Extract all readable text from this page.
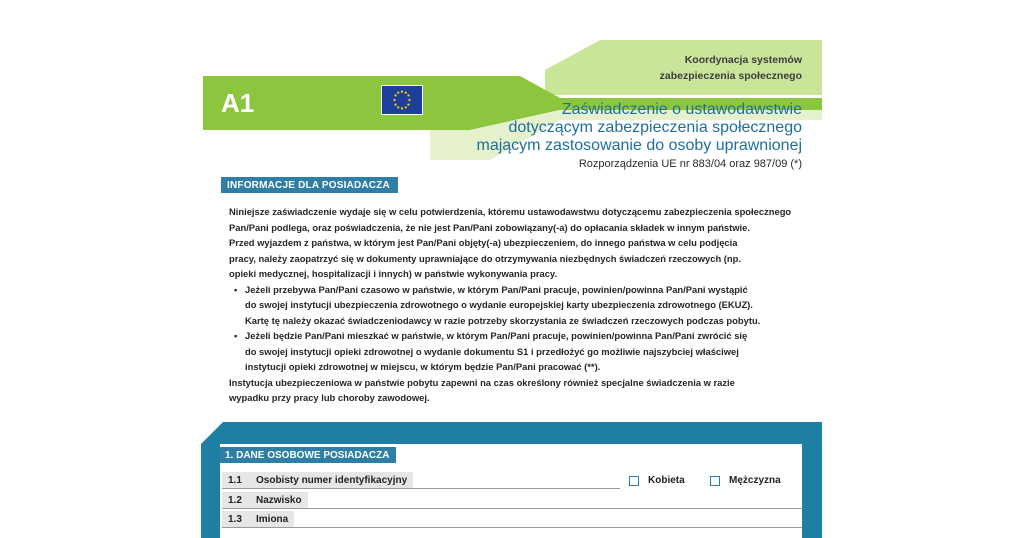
Koordynacja systemów
zabezpieczenia społecznego
A1	Zaświadczenie o ustawodawstwie
dotyczącym zabezpieczenia społecznego
mającym zastosowanie do osoby uprawnionej
Rozporządzenia UE nr 883/04 oraz 987/09 (*)
INFORMACJE DLA POSIADACZA

Niniejsze zaświadczenie wydaje się w celu potwierdzenia, któremu ustawodawstwu dotyczącemu zabezpieczenia społecznego

Pan/Pani podlega, oraz poświadczenia, że nie jest Pan/Pani zobowiązany(-a) do opłacania składek w innym państwie.

Przed wyjazdem z państwa, w którym jest Pan/Pani objęty(-a) ubezpieczeniem, do innego państwa w celu podjęcia

pracy, należy zaopatrzyć się w dokumenty uprawniające do otrzymywania niezbędnych świadczeń rzeczowych (np.

opieki medycznej, hospitalizacji i innych) w państwie wykonywania pracy.

• Jeżeli przebywa Pan/Pani czasowo w państwie, w którym Pan/Pani pracuje, powinien/powinna Pan/Pani wystąpić
do swojej instytucji ubezpieczenia zdrowotnego o wydanie europejskiej karty ubezpieczenia zdrowotnego (EKUZ).
Kartę tę należy okazać świadczeniodawcy w razie potrzeby skorzystania ze świadczeń rzeczowych podczas pobytu.
• Jeżeli będzie Pan/Pani mieszkać w państwie, w którym Pan/Pani pracuje, powinien/powinna Pan/Pani zwrócić się
do swojej instytucji opieki zdrowotnej o wydanie dokumentu S1 i przedłożyć go możliwie najszybciej właściwej
instytucji opieki zdrowotnej w miejscu, w którym będzie Pan/Pani pracować (**).

Instytucja ubezpieczeniowa w państwie pobytu zapewni na czas określony również specjalne świadczenia w razie

wypadku przy pracy lub choroby zawodowej.

1. DANE OSOBOWE POSIADACZA
1.1	Osobisty numer identyfikacyjny	Kobieta	Mężczyzna
1.2	Nazwisko
1.3	Imiona
